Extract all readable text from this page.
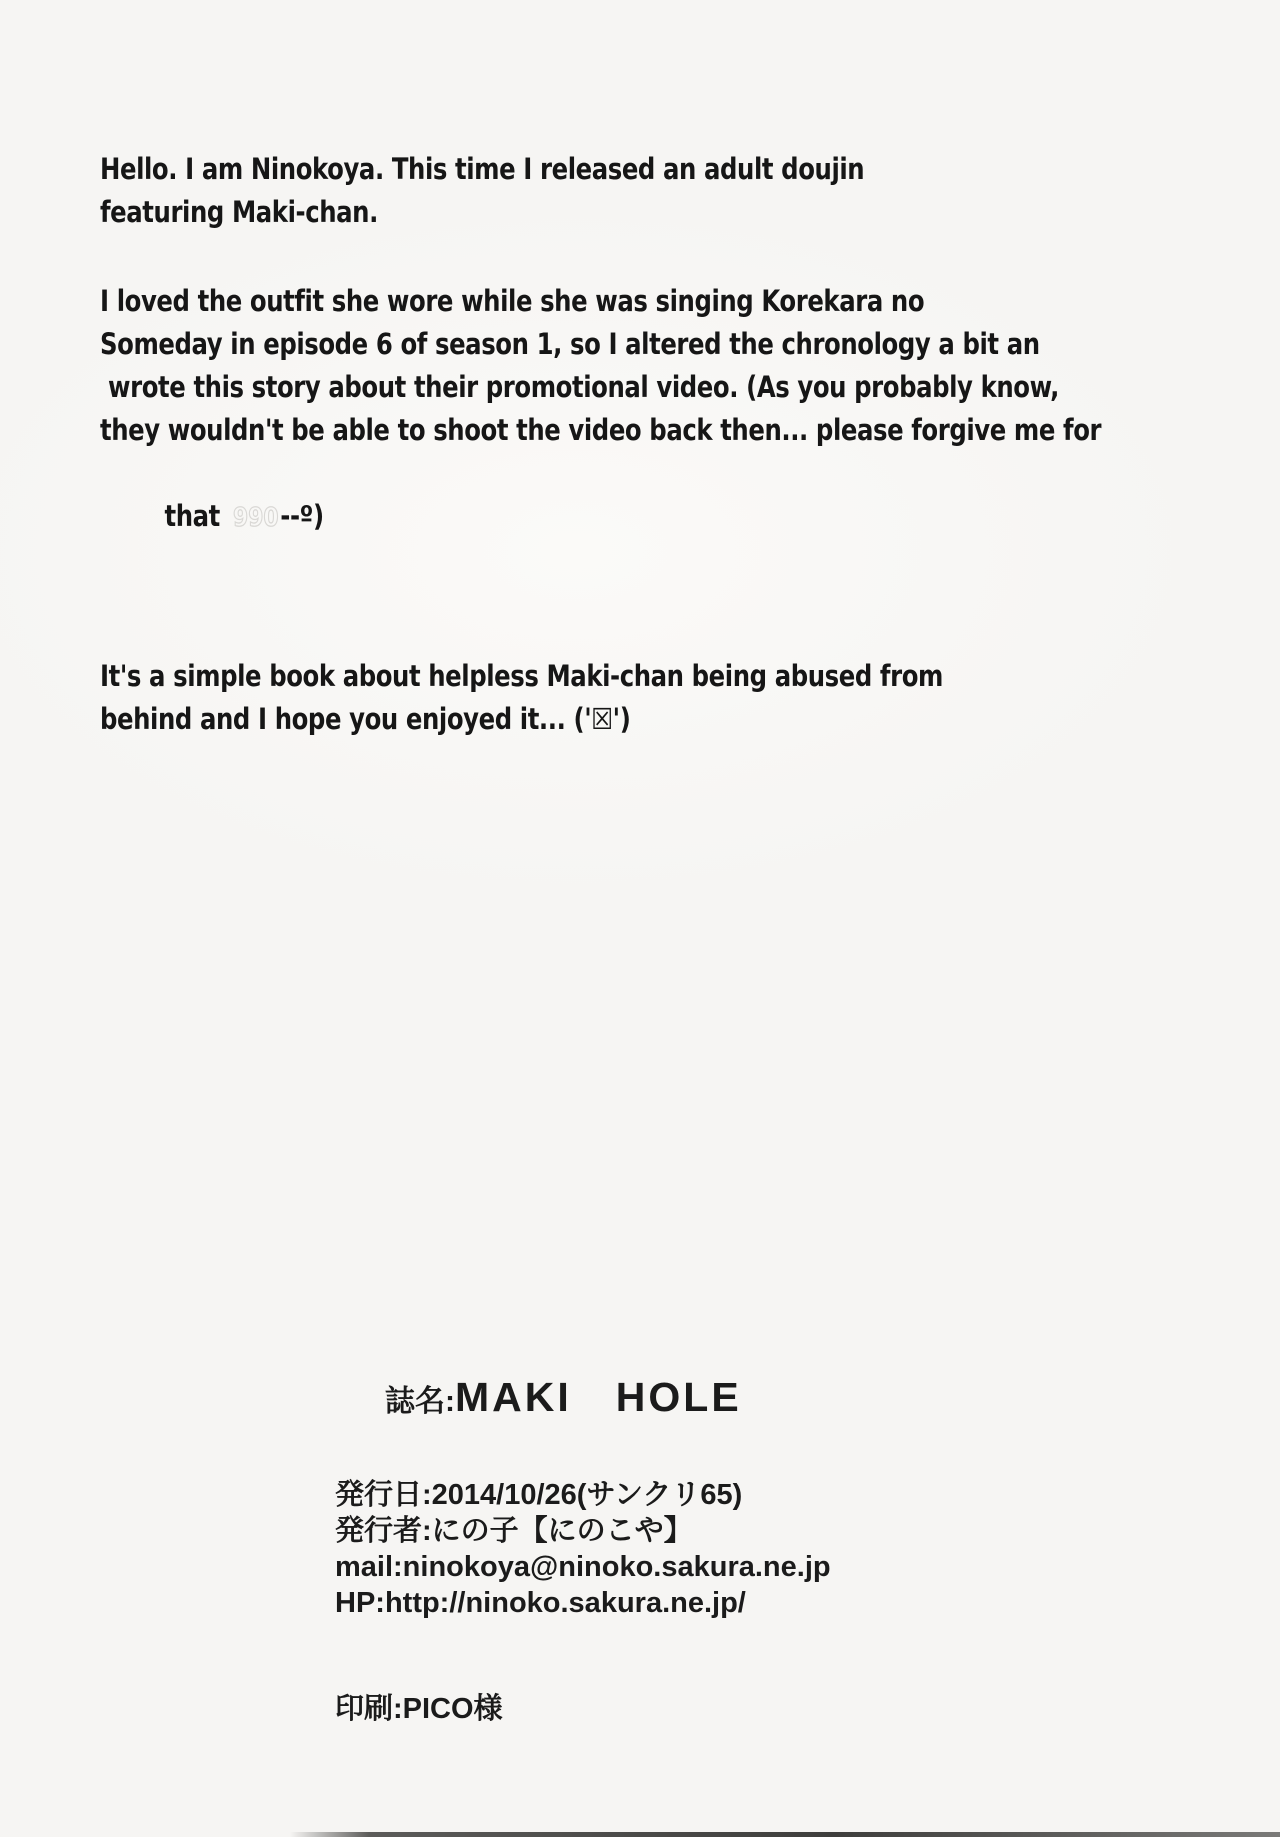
Hello. I am Ninokoya. This time I released an adult doujin
featuring Maki-chan.
I loved the outfit she wore while she was singing Korekara no
Someday in episode 6 of season 1, so I altered the chronology a bit an
wrote this story about their promotional video. (As you probably know,
they wouldn't be able to shoot the video back then... please forgive me for

that 990--º)

It's a simple book about helpless Maki-chan being abused from
behind and I hope you enjoyed it... ('☒')

誌名:MAKI　HOLE

発行日:2014/10/26(サンクリ65)
発行者:にの子【にのこや】
mail:ninokoya@ninoko.sakura.ne.jp
HP:http://ninoko.sakura.ne.jp/
印刷:PICO様
